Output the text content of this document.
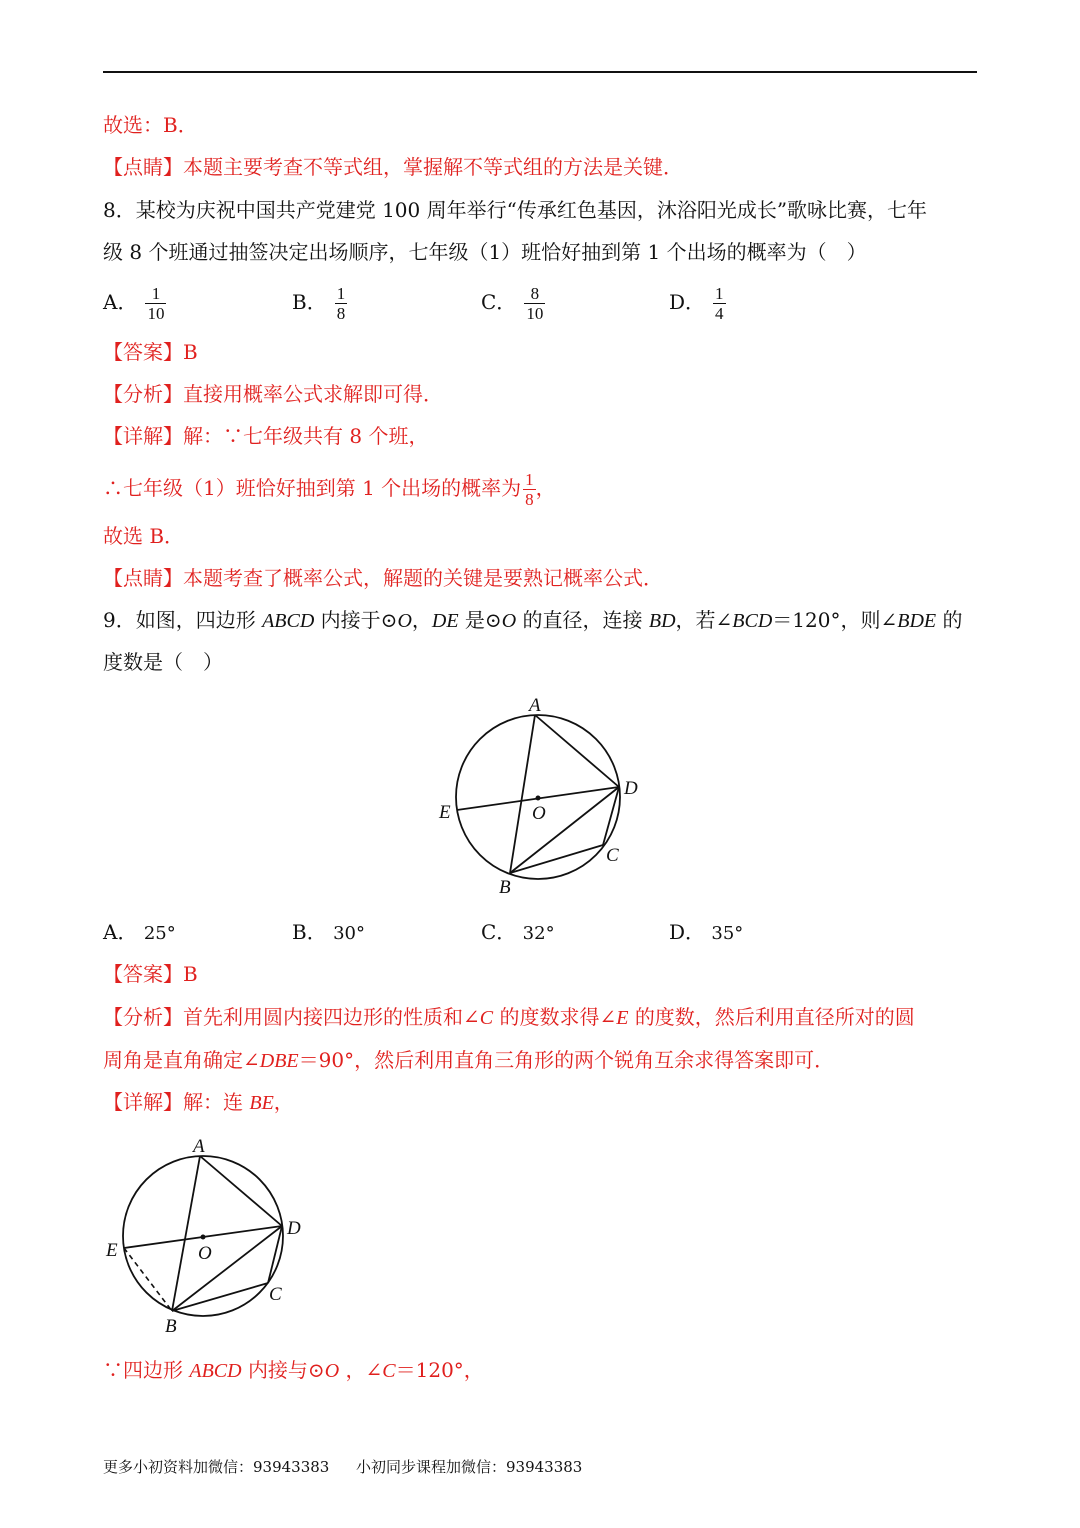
故选：B．
【点睛】本题主要考查不等式组，掌握解不等式组的方法是关键．
8．某校为庆祝中国共产党建党 100 周年举行“传承红色基因，沐浴阳光成长”歌咏比赛，七年
级 8 个班通过抽签决定出场顺序，七年级（1）班恰好抽到第 1 个出场的概率为（　）
A． $\frac{1}{10}$	B． $\frac{1}{8}$	C． $\frac{8}{10}$	D． $\frac{1}{4}$
【答案】B
【分析】直接用概率公式求解即可得．
【详解】解：∵七年级共有 8 个班，
∴七年级（1）班恰好抽到第 1 个出场的概率为 $\frac{1}{8}$ ，
故选 B．
【点睛】本题考查了概率公式，解题的关键是要熟记概率公式．
9．如图，四边形 ABCD 内接于⊙O，DE 是⊙O 的直径，连接 BD，若∠BCD＝120°，则∠BDE 的
度数是（　）
A
B
C
D
E	O
A． 25°	B． 30°	C． 32°	D． 35°
【答案】B
【分析】首先利用圆内接四边形的性质和∠C 的度数求得∠E 的度数，然后利用直径所对的圆
周角是直角确定∠DBE＝90°，然后利用直角三角形的两个锐角互余求得答案即可．
【详解】解：连 BE，
A
B
C
D
E	O
∵四边形 ABCD 内接与⊙O ，∠C＝120°，
更多小初资料加微信：93943383 小初同步课程加微信：93943383
